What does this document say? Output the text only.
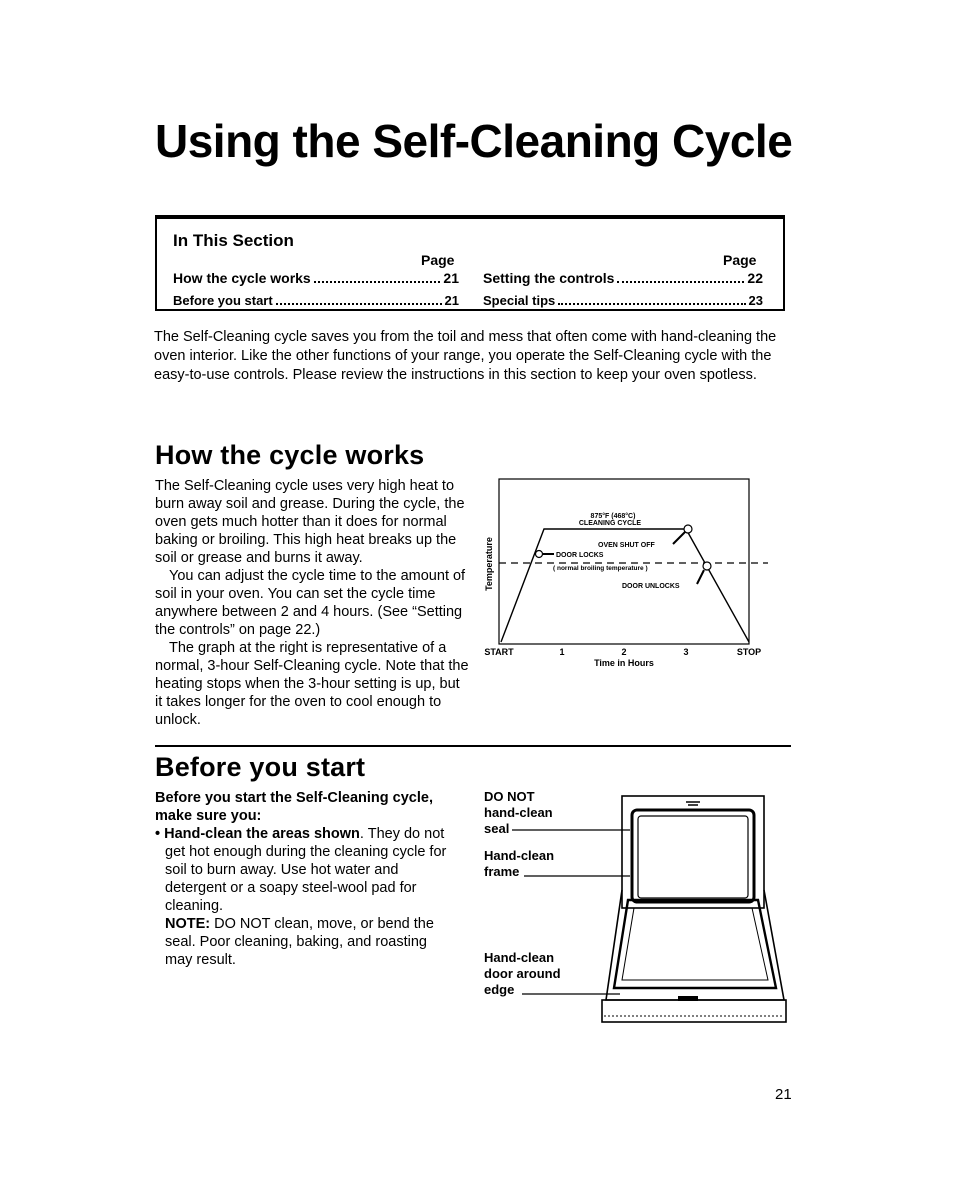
Using the Self-Cleaning Cycle
In This Section
Page	Page
How the cycle works	21
Before you start	21
Setting the controls	22
Special tips	23
The Self-Cleaning cycle saves you from the toil and mess that often come with hand-cleaning the oven interior. Like the other functions of your range, you operate the Self-Cleaning cycle with the easy-to-use controls. Please review the instructions in this section to keep your oven spotless.
How the cycle works

The Self-Cleaning cycle uses very high heat to burn away soil and grease. During the cycle, the oven gets much hotter than it does for normal baking or broiling. This high heat breaks up the soil or grease and burns it away.

You can adjust the cycle time to the amount of soil in your oven. You can set the cycle time anywhere between 2 and 4 hours. (See “Setting the controls” on page 22.)

The graph at the right is representative of a normal, 3-hour Self-Cleaning cycle. Note that the heating stops when the 3-hour setting is up, but it takes longer for the oven to cool enough to unlock.

875°F (468°C)
CLEANING CYCLE
OVEN SHUT OFF
DOOR LOCKS
( normal broiling temperature )
DOOR UNLOCKS
Temperature
START	1	2	3	STOP
Time in Hours
Before you start

Before you start the Self-Cleaning cycle, make sure you:

• Hand-clean the areas shown. They do not get hot enough during the cleaning cycle for soil to burn away. Use hot water and detergent or a soapy steel-wool pad for cleaning.

NOTE: DO NOT clean, move, or bend the seal. Poor cleaning, baking, and roasting may result.

DO NOT
hand-clean
seal
Hand-clean
frame
Hand-clean
door around
edge
21
